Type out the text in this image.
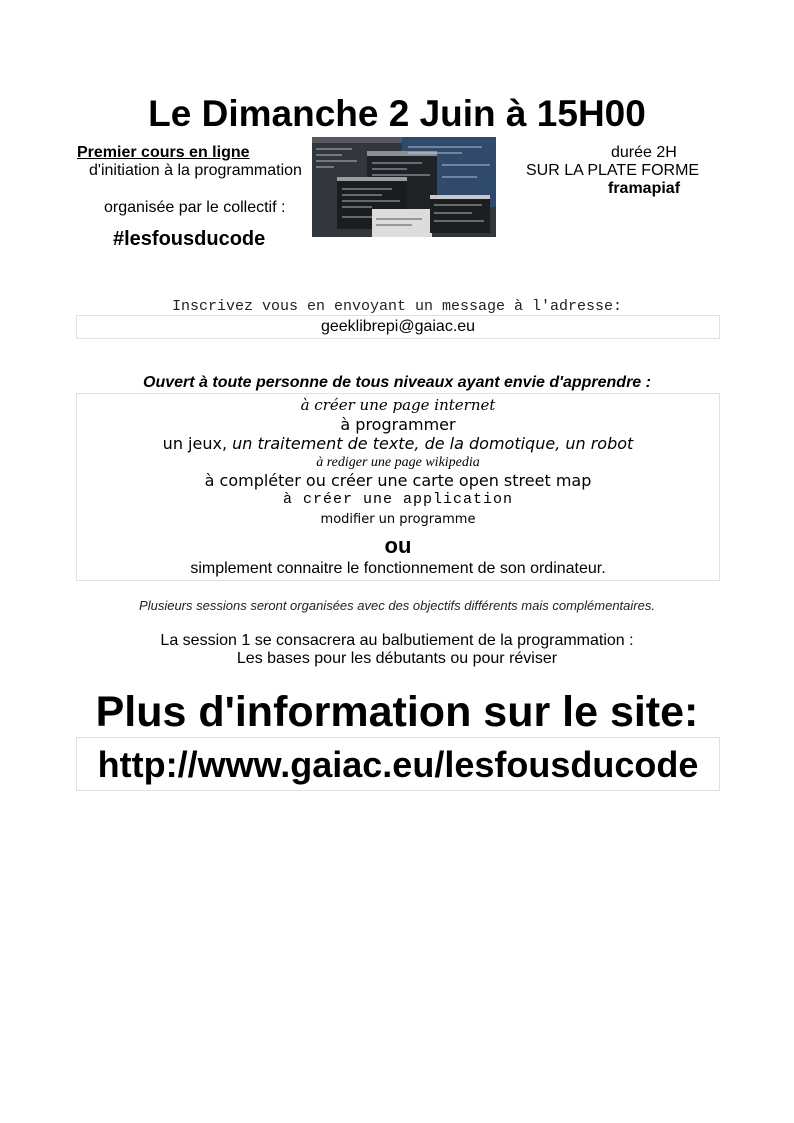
Le Dimanche 2 Juin à 15H00
Premier cours en ligne
d'initiation à la programmation
organisée par le collectif :
#lesfousducode
durée 2H
SUR LA PLATE FORME
framapiaf
Inscrivez vous en envoyant un message à l'adresse:
geeklibrepi@gaiac.eu
Ouvert à toute personne de tous niveaux ayant envie d'apprendre :
à créer une page internet
à programmer
un jeux, un traitement de texte, de la domotique, un robot
à rediger une page wikipedia
à compléter ou créer une carte open street map
à créer une application
modifier un programme
ou
simplement connaitre le fonctionnement de son ordinateur.
Plusieurs sessions seront organisées avec des objectifs différents mais complémentaires.
La session 1 se consacrera au balbutiement de la programmation :
Les bases pour les débutants ou pour réviser
Plus d'information sur le site:
http://www.gaiac.eu/lesfousducode
